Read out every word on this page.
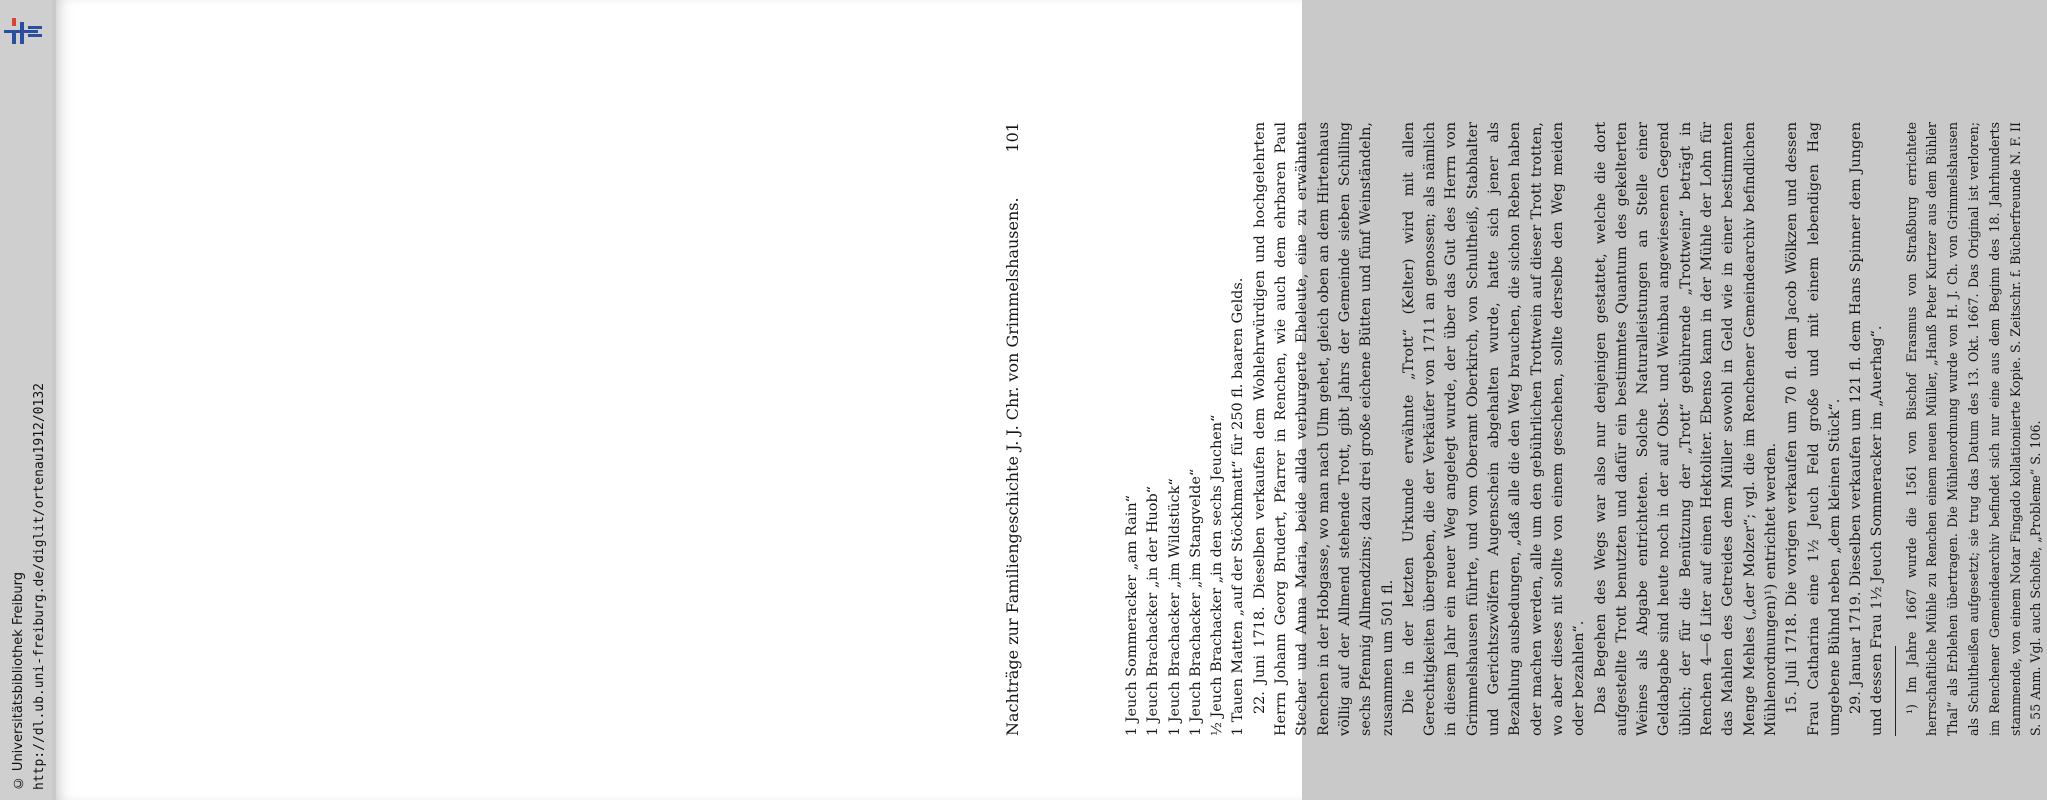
http://dl.ub.uni-freiburg.de/diglit/ortenau1912/0132
© Universitätsbibliothek Freiburg	Nachträge zur Familiengeschichte J. J. Chr. von Grimmelshausens.
101
1 Jeuch Sommeracker „am Rain“ 1 Jeuch Brachacker „in der Huob“ 1 Jeuch Brachacker „im Wildstück“ 1 Jeuch Brachacker „im Stangvelde“ ½ Jeuch Brachacker „in den sechs Jeuchen“ 1 Tauen Matten „auf der Stöckhmatt“ für 250 fl. baaren Gelds. 22. Juni 1718. Dieselben verkaufen dem Wohlehrwürdigen und hochgelehrten Herrn Johann Georg Brudert, Pfarrer in Renchen, wie auch dem ehrbaren Paul Stecher und Anna Maria, beide allda verburgerte Eheleute, eine zu erwähnten Renchen in der Hobgasse, wo man nach Ulm gehet, gleich oben an dem Hirtenhaus völlig auf der Allmend stehende Trott, gibt Jahrs der Gemeinde sieben Schilling sechs Pfennig Allmendzins; dazu drei große eichene Bütten und fünf Weinständeln, zusammen um 501 fl. Die in der letzten Urkunde erwähnte „Trott“ (Kelter) wird mit allen Gerechtigkeiten übergeben, die der Verkäufer von 1711 an genossen; als nämlich in diesem Jahr ein neuer Weg angelegt wurde, der über das Gut des Herrn von Grimmelshausen führte, und vom Oberamt Oberkirch, von Schultheiß, Stabhalter und Gerichtszwölfern Augenschein abgehalten wurde, hatte sich jener als Bezahlung ausbedungen, „daß alle die den Weg brauchen, die sichon Reben haben oder machen werden, alle um den gebührlichen Trottwein auf dieser Trott trotten, wo aber dieses nit sollte von einem geschehen, sollte derselbe den Weg meiden oder bezahlen“. Das Begehen des Wegs war also nur denjenigen gestattet, welche die dort aufgestellte Trott benutzten und dafür ein bestimmtes Quantum des gekelterten Weines als Abgabe entrichteten. Solche Naturalleistungen an Stelle einer Geldabgabe sind heute noch in der auf Obst- und Weinbau angewiesenen Gegend üblich; der für die Benützung der „Trott“ gebührende „Trottwein“ beträgt in Renchen 4—6 Liter auf einen Hektoliter. Ebenso kann in der Mühle der Lohn für das Mahlen des Getreides dem Müller sowohl in Geld wie in einer bestimmten Menge Mehles („der Molzer“; vgl. die im Renchener Gemeindearchiv befindlichen Mühlenordnungen)¹) entrichtet werden. 15. Juli 1718. Die vorigen verkaufen um 70 fl. dem Jacob Wölkzen und dessen Frau Catharina eine 1½ Jeuch Feld große und mit einem lebendigen Hag umgebene Bühnd neben „dem kleinen Stück“. 29. Januar 1719. Dieselben verkaufen um 121 fl. dem Hans Spinner dem Jungen und dessen Frau 1½ Jeuch Sommeracker im „Auerhag“. ¹) Im Jahre 1667 wurde die 1561 von Bischof Erasmus von Straßburg errichtete herrschaftliche Mühle zu Renchen einem neuen Müller, „Hanß Peter Kurtzer aus dem Bühler Thal“ als Erblehen übertragen. Die Mühlenordnung wurde von H. J. Ch. von Grimmelshausen als Schultheißen aufgesetzt; sie trug das Datum des 13. Okt. 1667. Das Original ist verloren; im Renchener Gemeindearchiv befindet sich nur eine aus dem Beginn des 18. Jahrhunderts stammende, von einem Notar Fingado kollationierte Kopie. S. Zeitschr. f. Bücherfreunde N. F. II S. 55 Anm. Vgl. auch Scholte, „Probleme“ S. 106.
